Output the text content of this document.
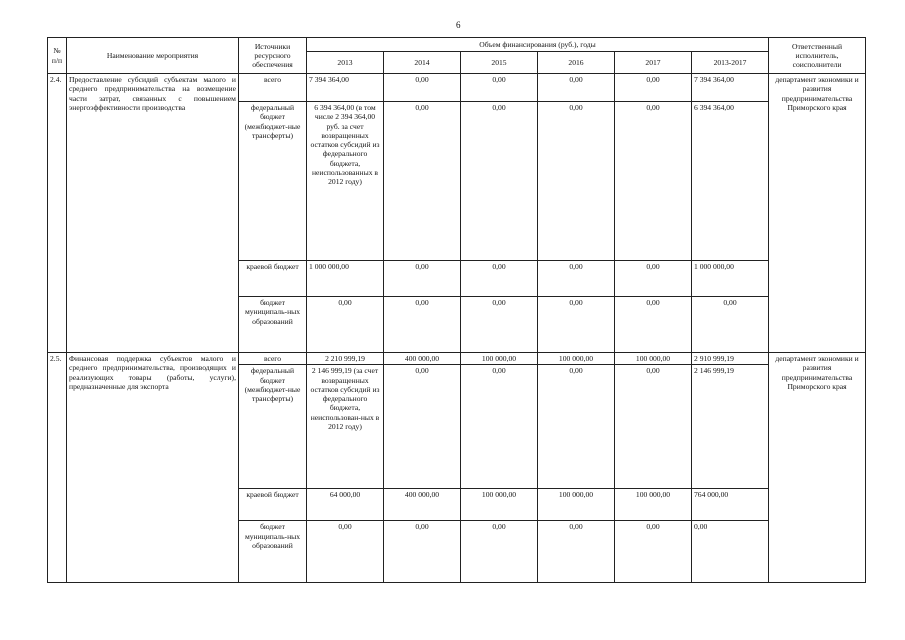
6
№ п/п	Наименование мероприятия	Источники ресурсного обеспечения	Объем финансирования (руб.), годы						Ответственный исполнитель, соисполнители
			2013	2014	2015	2016	2017	2013-2017	
2.4.	Предоставление субсидий субъектам малого и среднего предпринимательства на возмещение части затрат, связанных с повышением энергоэффективности производства	всего	7 394 364,00	0,00	0,00	0,00	0,00	7 394 364,00	департамент экономики и развития предпринимательства Приморского края
		федеральный бюджет (межбюджет-ные трансферты)	6 394 364,00 (в том числе 2 394 364,00 руб. за счет возвращенных остатков субсидий из федерального бюджета, неиспользованных в 2012 году)	0,00	0,00	0,00	0,00	6 394 364,00	
		краевой бюджет	1 000 000,00	0,00	0,00	0,00	0,00	1 000 000,00	
		бюджет муниципаль-ных образований	0,00	0,00	0,00	0,00	0,00	0,00	
2.5.	Финансовая поддержка субъектов малого и среднего предпринимательства, производящих и реализующих товары (работы, услуги), предназначенные для экспорта	всего	2 210 999,19	400 000,00	100 000,00	100 000,00	100 000,00	2 910 999,19	департамент экономики и развития предпринимательства Приморского края
		федеральный бюджет (межбюджет-ные трансферты)	2 146 999,19 (за счет возвращенных остатков субсидий из федерального бюджета, неиспользован-ных в 2012 году)	0,00	0,00	0,00	0,00	2 146 999,19	
		краевой бюджет	64 000,00	400 000,00	100 000,00	100 000,00	100 000,00	764 000,00	
		бюджет муниципаль-ных образований	0,00	0,00	0,00	0,00	0,00	0,00	
